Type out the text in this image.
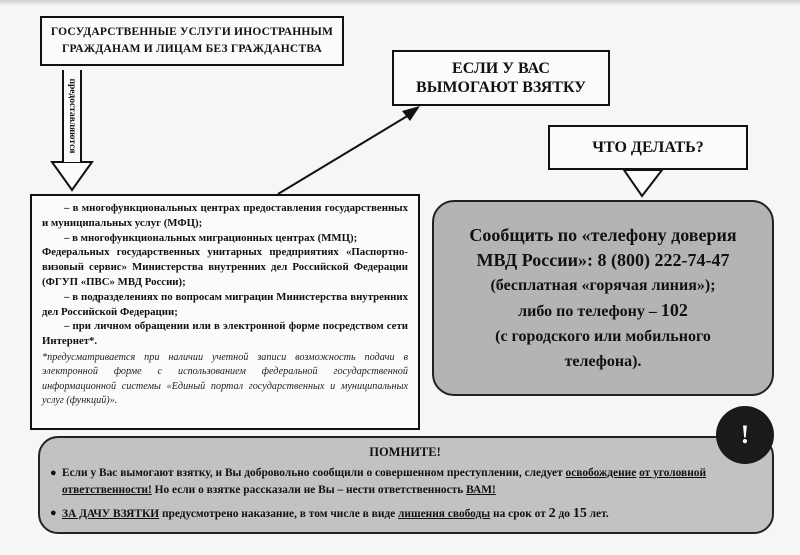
ГОСУДАРСТВЕННЫЕ УСЛУГИ ИНОСТРАННЫМ
ГРАЖДАНАМ И ЛИЦАМ БЕЗ ГРАЖДАНСТВА
предоставляются
ЕСЛИ У ВАС
ВЫМОГАЮТ ВЗЯТКУ
ЧТО ДЕЛАТЬ?

– в многофункциональных центрах предоставления государственных и муниципальных услуг (МФЦ);

– в многофункциональных миграционных центрах (ММЦ);

Федеральных государственных унитарных предприятиях «Паспортно-визовый сервис» Министерства внутренних дел Российской Федерации (ФГУП «ПВС» МВД России);

– в подразделениях по вопросам миграции Министерства внутренних дел Российской Федерации;

– при личном обращении или в электронной форме посредством сети Интернет*.

*предусматривается при наличии учетной записи возможность подачи в электронной форме с использованием федеральной государственной информационной системы «Единый портал государственных и муниципальных услуг (функций)».

Сообщить по «телефону доверия
МВД России»: 8 (800) 222-74-47
(бесплатная «горячая линия»);
либо по телефону – 102
(с городского или мобильного
телефона).
ПОМНИТЕ!
● Если у Вас вымогают взятку, и Вы добровольно сообщили о совершенном преступлении, следует освобождение от уголовной ответственности! Но если о взятке рассказали не Вы – нести ответственность ВАМ!
● ЗА ДАЧУ ВЗЯТКИ предусмотрено наказание, в том числе в виде лишения свободы на срок от 2 до 15 лет.
!
